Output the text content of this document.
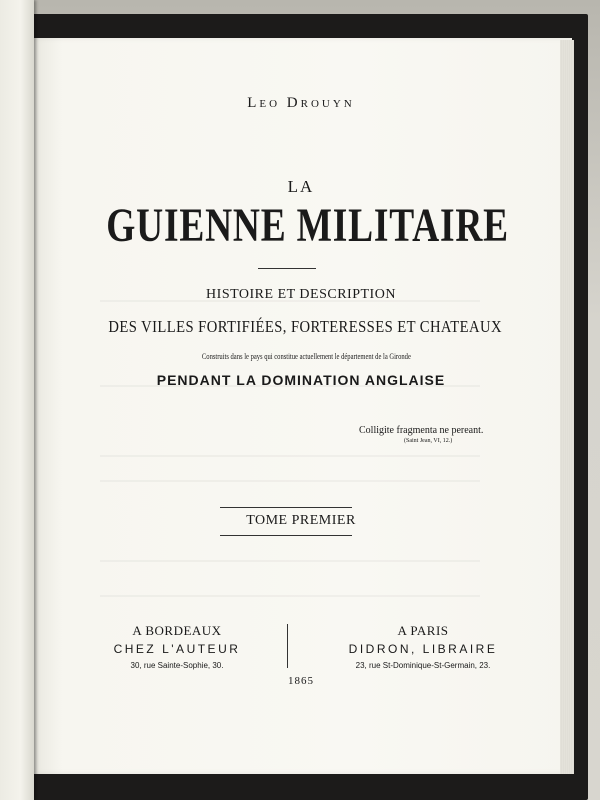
Leo Drouyn
LA
GUIENNE MILITAIRE
HISTOIRE ET DESCRIPTION
DES VILLES FORTIFIÉES, FORTERESSES ET CHATEAUX
Construits dans le pays qui constitue actuellement le département de la Gironde
PENDANT LA DOMINATION ANGLAISE
Colligite fragmenta ne pereant.
(Saint Jean, VI, 12.)
TOME PREMIER
A BORDEAUX
CHEZ L'AUTEUR
30, rue Sainte-Sophie, 30.
A PARIS
DIDRON, LIBRAIRE
23, rue St-Dominique-St-Germain, 23.
1865
